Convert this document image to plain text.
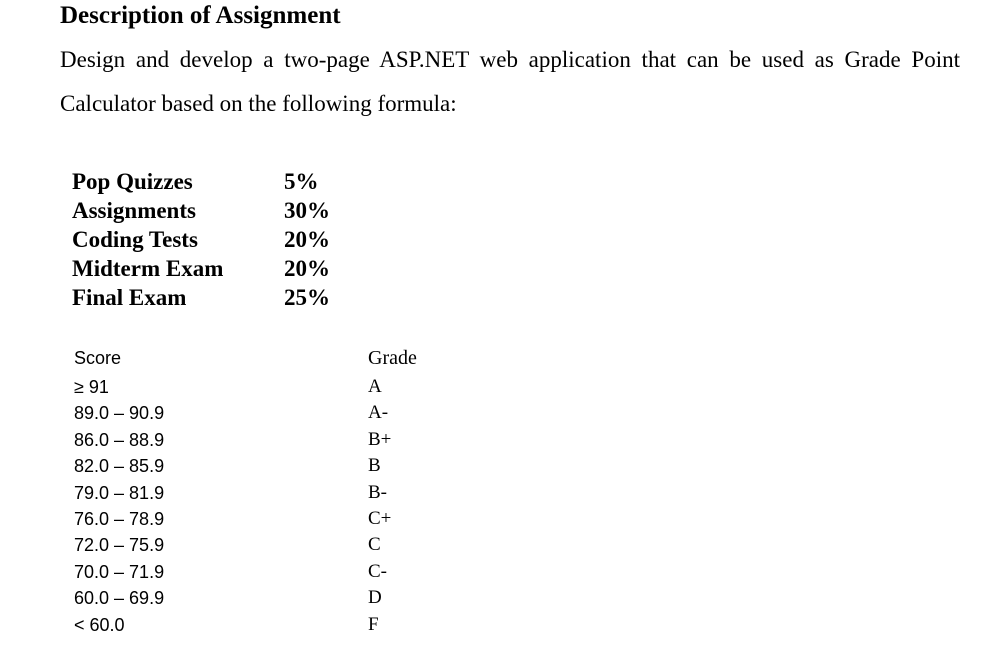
Description of Assignment
Design and develop a two-page ASP.NET web application that can be used as Grade Point Calculator based on the following formula:
Pop Quizzes	5%
Assignments	30%
Coding Tests	20%
Midterm Exam	20%
Final Exam	25%
Score	Grade
≥ 91	A
89.0 – 90.9	A-
86.0 – 88.9	B+
82.0 – 85.9	B
79.0 – 81.9	B-
76.0 – 78.9	C+
72.0 – 75.9	C
70.0 – 71.9	C-
60.0 – 69.9	D
< 60.0	F
